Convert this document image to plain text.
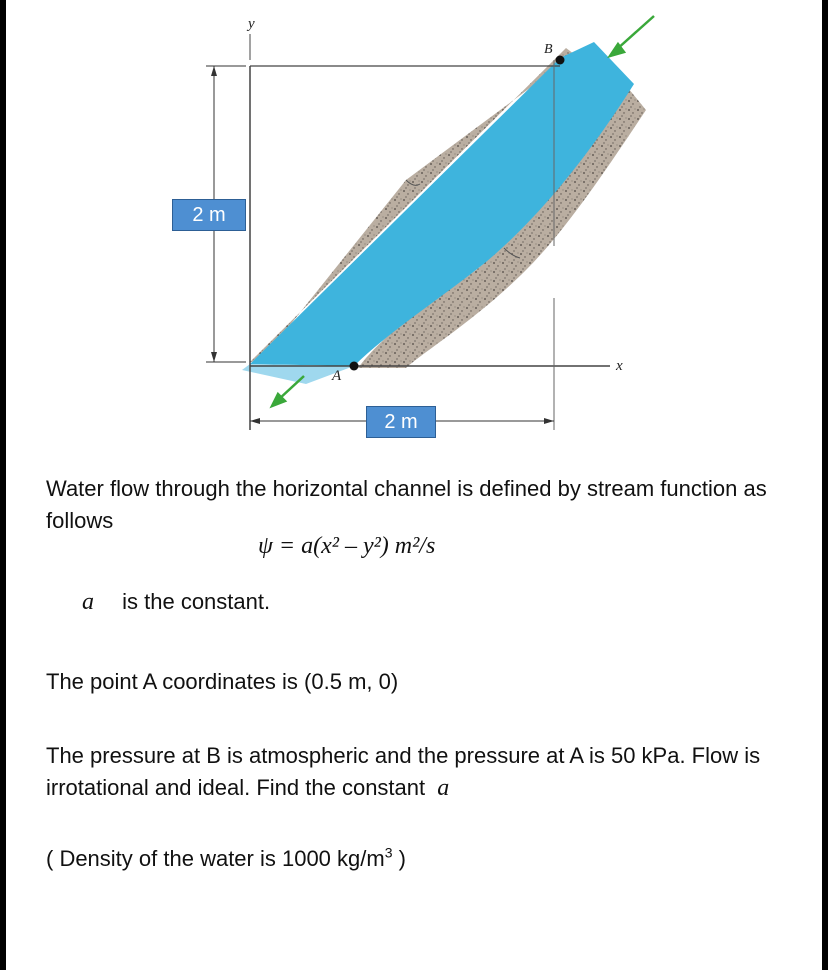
2 m
2 m
y
x
A
B
Water flow through the horizontal channel is defined by stream function as follows
ψ = a(x² – y²) m²/s
a is the constant.
The point A coordinates is (0.5 m, 0)
The pressure at B is atmospheric and the pressure at A is 50 kPa. Flow is irrotational and ideal. Find the constant a
( Density of the water is 1000 $kg/m^3$ )
